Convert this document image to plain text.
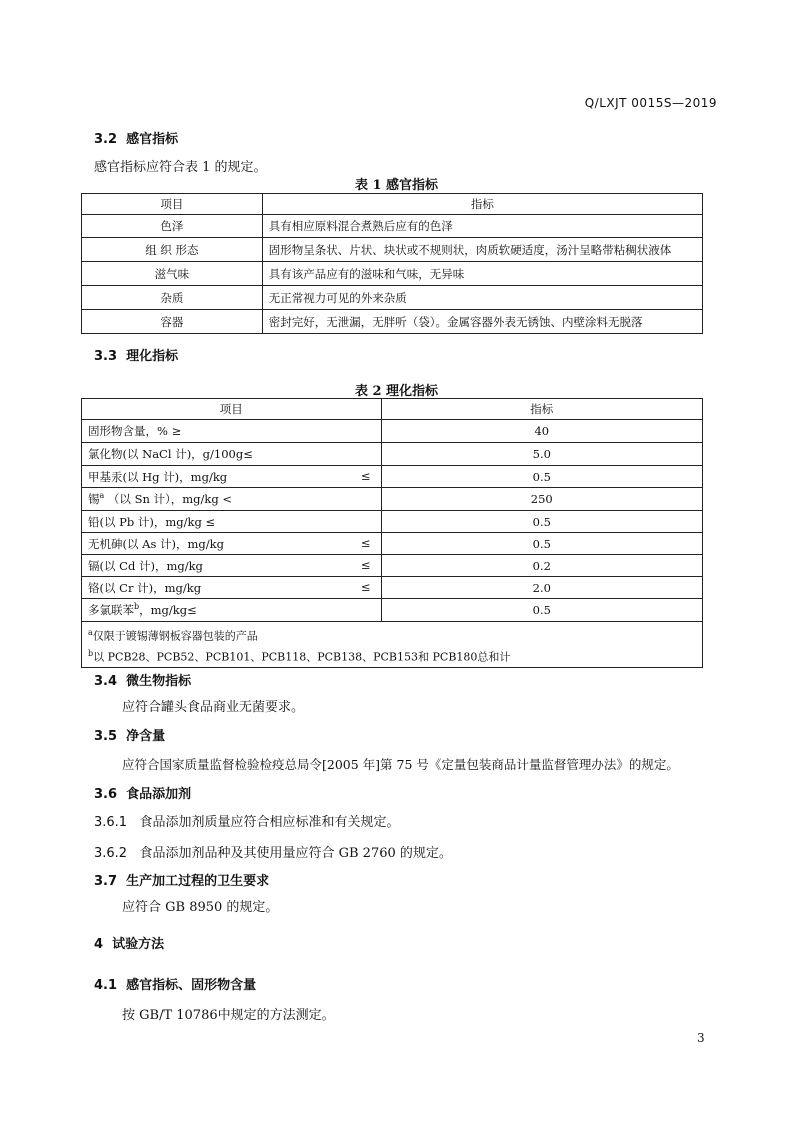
Q/LXJT 0015S—2019
3.2 感官指标
感官指标应符合表 1 的规定。
表 1 感官指标
项目	指标
色泽	具有相应原料混合煮熟后应有的色泽
组 织 形态	固形物呈条状、片状、块状或不规则状，肉质软硬适度，汤汁呈略带粘稠状液体
滋气味	具有该产品应有的滋味和气味，无异味
杂质	无正常视力可见的外来杂质
容器	密封完好，无泄漏，无胖听（袋）。金属容器外表无锈蚀、内壁涂料无脱落
3.3 理化指标
表 2 理化指标
项目	指标
固形物含量，% ≥	40
氯化物(以 NaCl 计)，g/100g≤	5.0
甲基汞(以 Hg 计)，mg/kg ≤	0.5
锡$^a$ （以 Sn 计），mg/kg <	250
铅(以 Pb 计)，mg/kg ≤	0.5
无机砷(以 As 计)，mg/kg ≤	0.5
镉(以 Cd 计)，mg/kg ≤	0.2
铬(以 Cr 计)，mg/kg ≤	2.0
多氯联苯$^b$，mg/kg≤	0.5

$^a$仅限于镀锡薄钢板容器包装的产品
$^b$以 PCB28、PCB52、PCB101、PCB118、PCB138、PCB153和 PCB180总和计	
3.4 微生物指标
应符合罐头食品商业无菌要求。
3.5 净含量
应符合国家质量监督检验检疫总局令[2005 年]第 75 号《定量包装商品计量监督管理办法》的规定。
3.6 食品添加剂
3.6.1 食品添加剂质量应符合相应标准和有关规定。
3.6.2 食品添加剂品种及其使用量应符合 GB 2760 的规定。
3.7 生产加工过程的卫生要求
应符合 GB 8950 的规定。
4 试验方法
4.1 感官指标、固形物含量
按 GB/T 10786中规定的方法测定。
3
